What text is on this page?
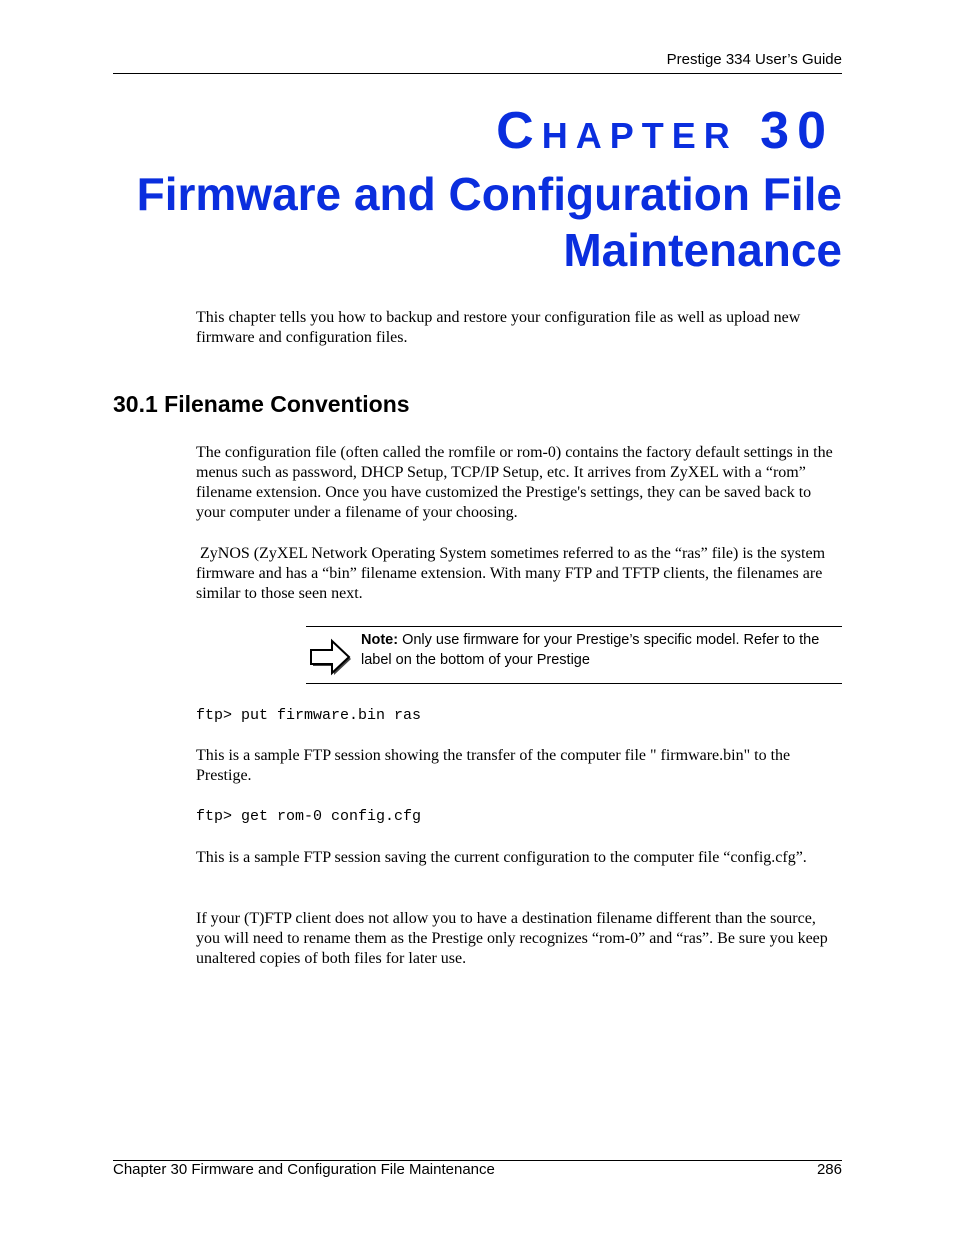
Prestige 334 User’s Guide
Chapter 30
Firmware and Configuration File
Maintenance
This chapter tells you how to backup and restore your configuration file as well as upload new firmware and configuration files.
30.1 Filename Conventions
The configuration file (often called the romfile or rom-0) contains the factory default settings in the menus such as password, DHCP Setup, TCP/IP Setup, etc. It arrives from ZyXEL with a “rom” filename extension. Once you have customized the Prestige's settings, they can be saved back to your computer under a filename of your choosing.
ZyNOS (ZyXEL Network Operating System sometimes referred to as the “ras” file) is the system firmware and has a “bin” filename extension. With many FTP and TFTP clients, the filenames are similar to those seen next.
Note: Only use firmware for your Prestige’s specific model. Refer to the label on the bottom of your Prestige
ftp> put firmware.bin ras
This is a sample FTP session showing the transfer of the computer file " firmware.bin" to the Prestige.
ftp> get rom-0 config.cfg
This is a sample FTP session saving the current configuration to the computer file “config.cfg”.
If your (T)FTP client does not allow you to have a destination filename different than the source, you will need to rename them as the Prestige only recognizes “rom-0” and “ras”. Be sure you keep unaltered copies of both files for later use.
Chapter 30 Firmware and Configuration File Maintenance	286
